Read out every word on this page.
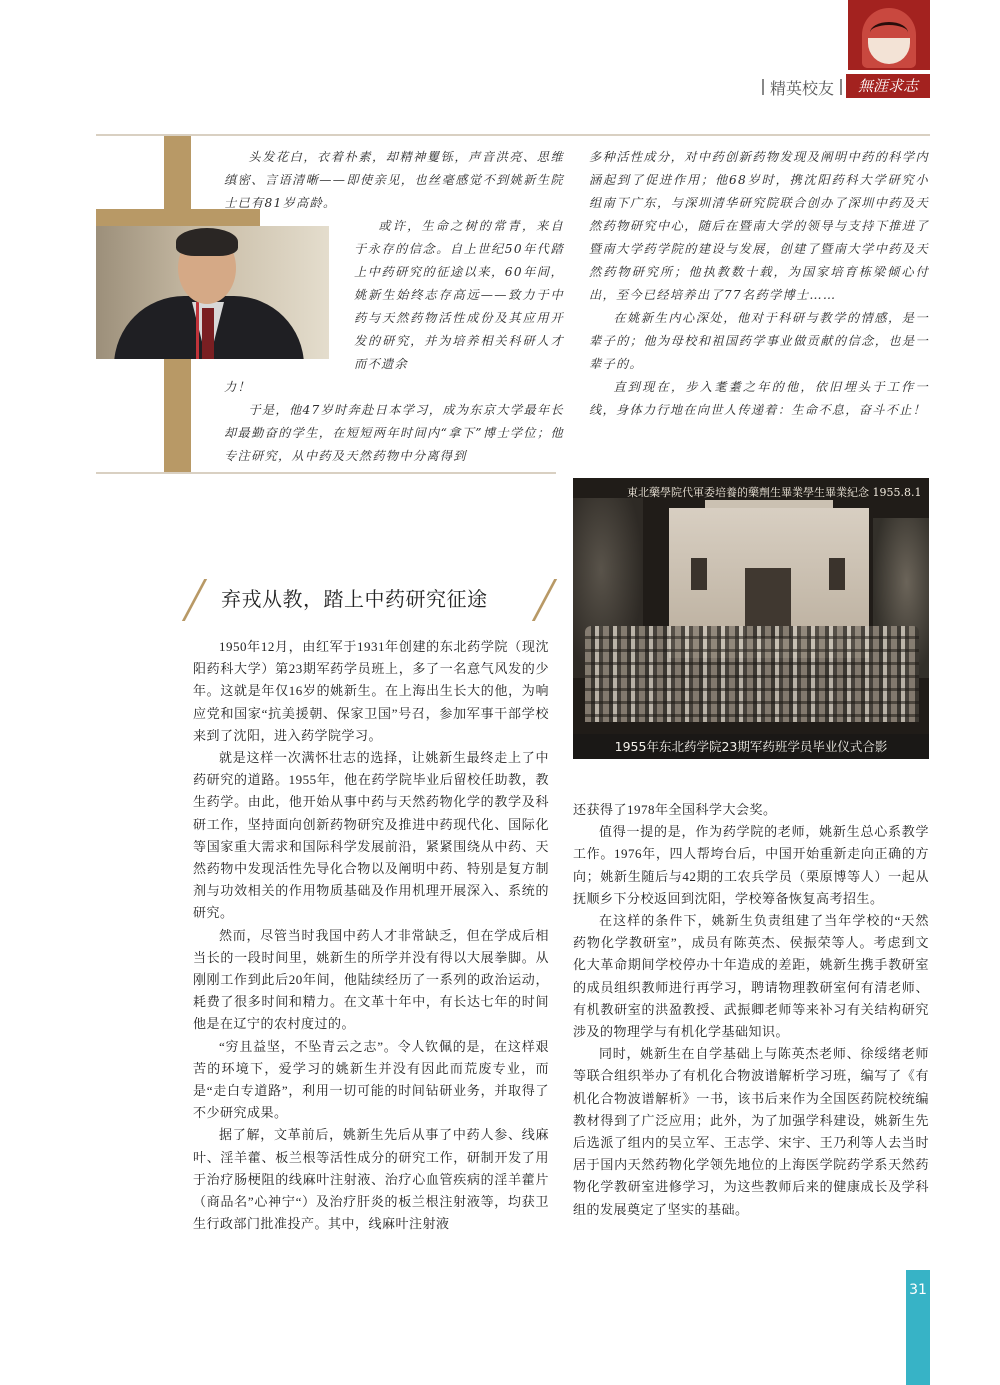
精英校友	無涯求志

头发花白，衣着朴素，却精神矍铄，声音洪亮、思维缜密、言语清晰——即使亲见，也丝毫感觉不到姚新生院士已有81岁高龄。

或许，生命之树的常青，来自于永存的信念。自上世纪50年代踏上中药研究的征途以来，60年间，姚新生始终志存高远——致力于中药与天然药物活性成份及其应用开发的研究，并为培养相关科研人才而不遗余

力！

于是，他47岁时奔赴日本学习，成为东京大学最年长却最勤奋的学生，在短短两年时间内“拿下”博士学位；他专注研究，从中药及天然药物中分离得到

多种活性成分，对中药创新药物发现及阐明中药的科学内涵起到了促进作用；他68岁时，携沈阳药科大学研究小组南下广东，与深圳清华研究院联合创办了深圳中药及天然药物研究中心，随后在暨南大学的领导与支持下推进了暨南大学药学院的建设与发展，创建了暨南大学中药及天然药物研究所；他执教数十载，为国家培育栋梁倾心付出，至今已经培养出了77名药学博士……

在姚新生内心深处，他对于科研与教学的情感，是一辈子的；他为母校和祖国药学事业做贡献的信念，也是一辈子的。

直到现在，步入耄耋之年的他，依旧埋头于工作一线，身体力行地在向世人传递着：生命不息，奋斗不止！

東北藥學院代軍委培養的藥劑生畢業學生畢業紀念 1955.8.1
1955年东北药学院23期军药班学员毕业仪式合影
弃戎从教，踏上中药研究征途

1950年12月，由红军于1931年创建的东北药学院（现沈阳药科大学）第23期军药学员班上，多了一名意气风发的少年。这就是年仅16岁的姚新生。在上海出生长大的他，为响应党和国家“抗美援朝、保家卫国”号召，参加军事干部学校来到了沈阳，进入药学院学习。

就是这样一次满怀壮志的选择，让姚新生最终走上了中药研究的道路。1955年，他在药学院毕业后留校任助教，教生药学。由此，他开始从事中药与天然药物化学的教学及科研工作，坚持面向创新药物研究及推进中药现代化、国际化等国家重大需求和国际科学发展前沿，紧紧围绕从中药、天然药物中发现活性先导化合物以及阐明中药、特别是复方制剂与功效相关的作用物质基础及作用机理开展深入、系统的研究。

然而，尽管当时我国中药人才非常缺乏，但在学成后相当长的一段时间里，姚新生的所学并没有得以大展拳脚。从刚刚工作到此后20年间，他陆续经历了一系列的政治运动，耗费了很多时间和精力。在文革十年中，有长达七年的时间他是在辽宁的农村度过的。

“穷且益坚，不坠青云之志”。令人钦佩的是，在这样艰苦的环境下，爱学习的姚新生并没有因此而荒废专业，而是“走白专道路”，利用一切可能的时间钻研业务，并取得了不少研究成果。

据了解，文革前后，姚新生先后从事了中药人参、线麻叶、淫羊藿、板兰根等活性成分的研究工作，研制开发了用于治疗肠梗阻的线麻叶注射液、治疗心血管疾病的淫羊藿片（商品名”心神宁“）及治疗肝炎的板兰根注射液等，均获卫生行政部门批准投产。其中，线麻叶注射液

还获得了1978年全国科学大会奖。

值得一提的是，作为药学院的老师，姚新生总心系教学工作。1976年，四人帮垮台后，中国开始重新走向正确的方向；姚新生随后与42期的工农兵学员（栗原博等人）一起从抚顺乡下分校返回到沈阳，学校筹备恢复高考招生。

在这样的条件下，姚新生负责组建了当年学校的“天然药物化学教研室”，成员有陈英杰、侯振荣等人。考虑到文化大革命期间学校停办十年造成的差距，姚新生携手教研室的成员组织教师进行再学习，聘请物理教研室何有清老师、有机教研室的洪盈教授、武振卿老师等来补习有关结构研究涉及的物理学与有机化学基础知识。

同时，姚新生在自学基础上与陈英杰老师、徐绥绪老师等联合组织举办了有机化合物波谱解析学习班，编写了《有机化合物波谱解析》一书，该书后来作为全国医药院校统编教材得到了广泛应用；此外，为了加强学科建设，姚新生先后选派了组内的吴立军、王志学、宋宇、王乃利等人去当时居于国内天然药物化学领先地位的上海医学院药学系天然药物化学教研室进修学习，为这些教师后来的健康成长及学科组的发展奠定了坚实的基础。

31
